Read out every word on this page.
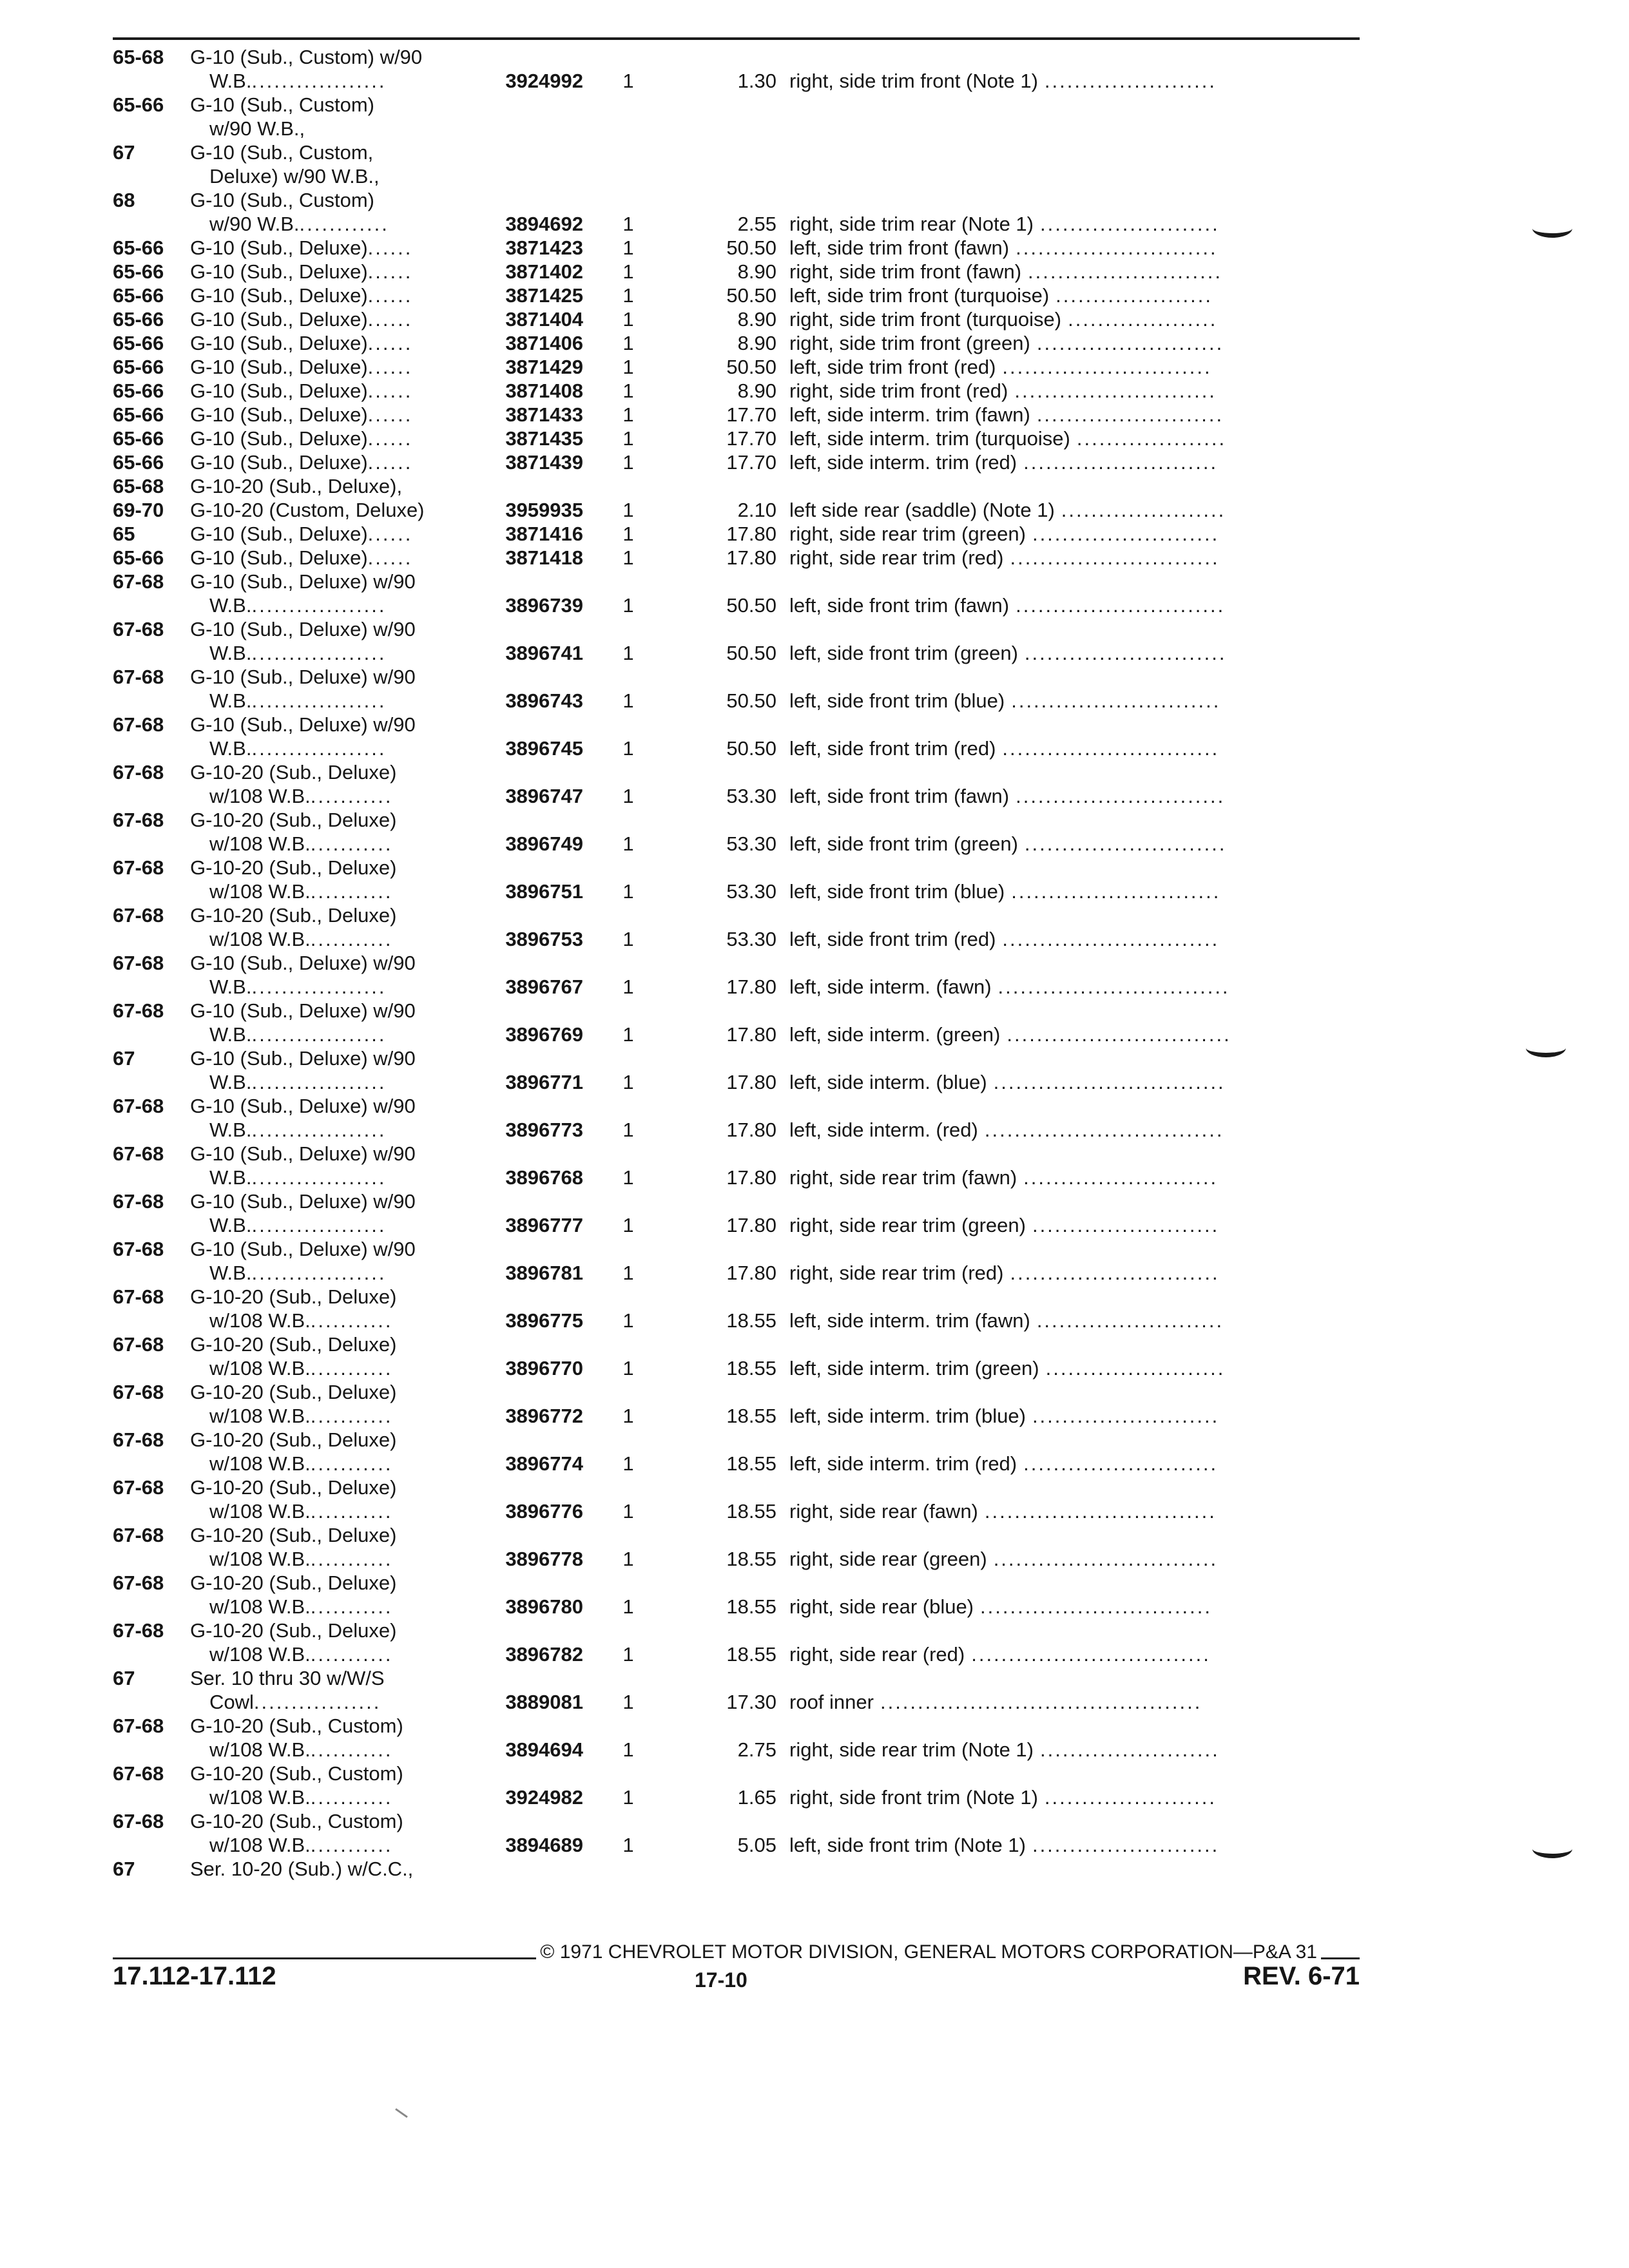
65-68 G-10 (Sub., Custom) w/90
W.B...................	3924992	1	1.30 right, side trim front (Note 1) .......................
65-66 G-10 (Sub., Custom)
w/90 W.B.,
67	G-10 (Sub., Custom,
Deluxe) w/90 W.B.,
68	G-10 (Sub., Custom)
w/90 W.B.............	3894692	1	2.55 right, side trim rear (Note 1) ........................
65-66 G-10 (Sub., Deluxe)......	3871423	1	50.50 left, side trim front (fawn) ...........................
65-66 G-10 (Sub., Deluxe)......	3871402	1	8.90 right, side trim front (fawn) ..........................
65-66 G-10 (Sub., Deluxe)......	3871425	1	50.50 left, side trim front (turquoise) .....................
65-66 G-10 (Sub., Deluxe)......	3871404	1	8.90 right, side trim front (turquoise) ....................
65-66 G-10 (Sub., Deluxe)......	3871406	1	8.90 right, side trim front (green) .........................
65-66 G-10 (Sub., Deluxe)......	3871429	1	50.50 left, side trim front (red) ............................
65-66 G-10 (Sub., Deluxe)......	3871408	1	8.90 right, side trim front (red) ...........................
65-66 G-10 (Sub., Deluxe)......	3871433	1	17.70 left, side interm. trim (fawn) .........................
65-66 G-10 (Sub., Deluxe)......	3871435	1	17.70 left, side interm. trim (turquoise) ....................
65-66 G-10 (Sub., Deluxe)......	3871439	1	17.70 left, side interm. trim (red) ..........................
65-68 G-10-20 (Sub., Deluxe),
69-70 G-10-20 (Custom, Deluxe)	3959935	1	2.10 left side rear (saddle) (Note 1) ......................
65	G-10 (Sub., Deluxe)......	3871416	1	17.80 right, side rear trim (green) .........................
65-66 G-10 (Sub., Deluxe)......	3871418	1	17.80 right, side rear trim (red) ............................
67-68 G-10 (Sub., Deluxe) w/90
W.B...................	3896739	1	50.50 left, side front trim (fawn) ............................
67-68 G-10 (Sub., Deluxe) w/90
W.B...................	3896741	1	50.50 left, side front trim (green) ...........................
67-68 G-10 (Sub., Deluxe) w/90
W.B...................	3896743	1	50.50 left, side front trim (blue) ............................
67-68 G-10 (Sub., Deluxe) w/90
W.B...................	3896745	1	50.50 left, side front trim (red) .............................
67-68 G-10-20 (Sub., Deluxe)
w/108 W.B............	3896747	1	53.30 left, side front trim (fawn) ............................
67-68 G-10-20 (Sub., Deluxe)
w/108 W.B............	3896749	1	53.30 left, side front trim (green) ...........................
67-68 G-10-20 (Sub., Deluxe)
w/108 W.B............	3896751	1	53.30 left, side front trim (blue) ............................
67-68 G-10-20 (Sub., Deluxe)
w/108 W.B............	3896753	1	53.30 left, side front trim (red) .............................
67-68 G-10 (Sub., Deluxe) w/90
W.B...................	3896767	1	17.80 left, side interm. (fawn) ...............................
67-68 G-10 (Sub., Deluxe) w/90
W.B...................	3896769	1	17.80 left, side interm. (green) ..............................
67	G-10 (Sub., Deluxe) w/90
W.B...................	3896771	1	17.80 left, side interm. (blue) ...............................
67-68 G-10 (Sub., Deluxe) w/90
W.B...................	3896773	1	17.80 left, side interm. (red) ................................
67-68 G-10 (Sub., Deluxe) w/90
W.B...................	3896768	1	17.80 right, side rear trim (fawn) ..........................
67-68 G-10 (Sub., Deluxe) w/90
W.B...................	3896777	1	17.80 right, side rear trim (green) .........................
67-68 G-10 (Sub., Deluxe) w/90
W.B...................	3896781	1	17.80 right, side rear trim (red) ............................
67-68 G-10-20 (Sub., Deluxe)
w/108 W.B............	3896775	1	18.55 left, side interm. trim (fawn) .........................
67-68 G-10-20 (Sub., Deluxe)
w/108 W.B............	3896770	1	18.55 left, side interm. trim (green) ........................
67-68 G-10-20 (Sub., Deluxe)
w/108 W.B............	3896772	1	18.55 left, side interm. trim (blue) .........................
67-68 G-10-20 (Sub., Deluxe)
w/108 W.B............	3896774	1	18.55 left, side interm. trim (red) ..........................
67-68 G-10-20 (Sub., Deluxe)
w/108 W.B............	3896776	1	18.55 right, side rear (fawn) ...............................
67-68 G-10-20 (Sub., Deluxe)
w/108 W.B............	3896778	1	18.55 right, side rear (green) ..............................
67-68 G-10-20 (Sub., Deluxe)
w/108 W.B............	3896780	1	18.55 right, side rear (blue) ...............................
67-68 G-10-20 (Sub., Deluxe)
w/108 W.B............	3896782	1	18.55 right, side rear (red) ................................
67	Ser. 10 thru 30 w/W/S
Cowl.................	3889081	1	17.30 roof inner ...........................................
67-68 G-10-20 (Sub., Custom)
w/108 W.B............	3894694	1	2.75 right, side rear trim (Note 1) ........................
67-68 G-10-20 (Sub., Custom)
w/108 W.B............	3924982	1	1.65 right, side front trim (Note 1) .......................
67-68 G-10-20 (Sub., Custom)
w/108 W.B............	3894689	1	5.05 left, side front trim (Note 1) .........................
67	Ser. 10-20 (Sub.) w/C.C.,
© 1971 CHEVROLET MOTOR DIVISION, GENERAL MOTORS CORPORATION—P&A 31
17.112-17.112	17-10	REV. 6-71
